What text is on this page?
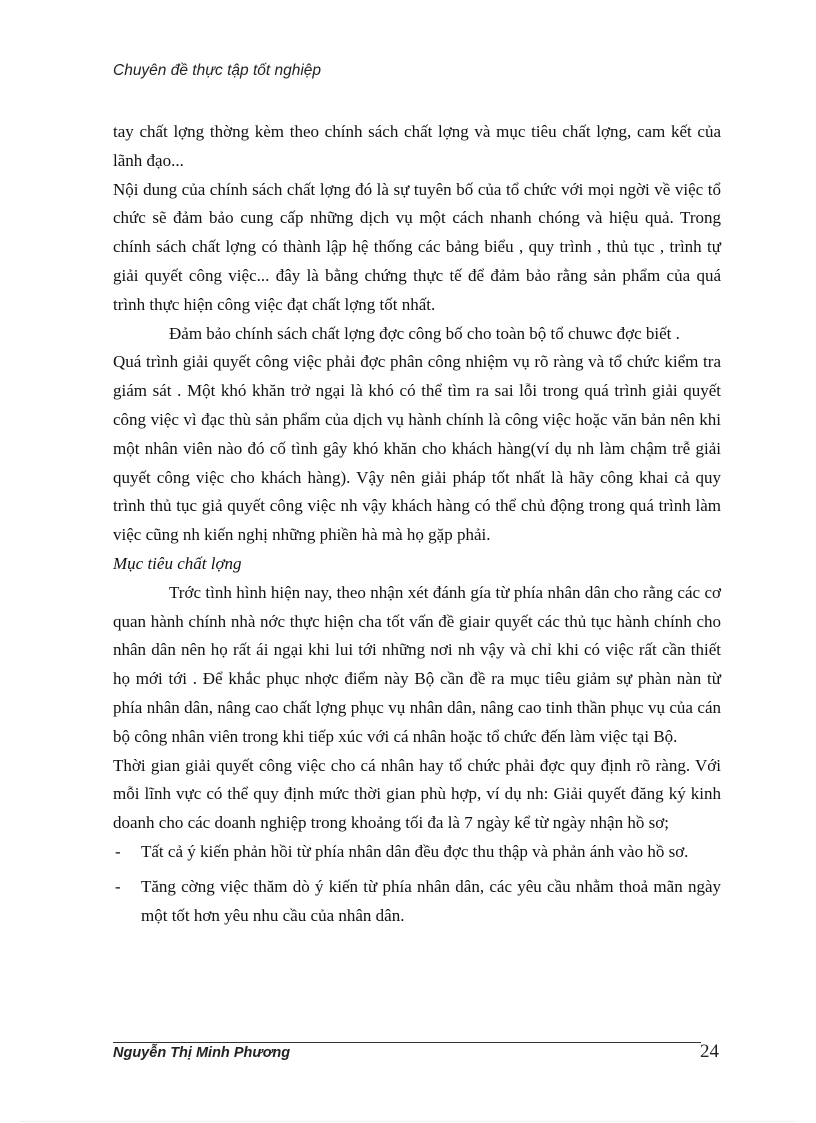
Chuyên đề thực tập tốt nghiệp

tay chất lợng thờng kèm theo chính sách chất lợng và mục tiêu chất lợng, cam kết của lãnh đạo...

Nội dung của chính sách chất lợng đó là sự tuyên bố của tổ chức với mọi ngời về việc tổ chức sẽ đảm bảo cung cấp những dịch vụ một cách nhanh chóng và hiệu quả. Trong chính sách chất lợng có thành lập hệ thống các bảng biểu , quy trình , thủ tục , trình tự giải quyết công việc... đây là bằng chứng thực tế để đảm bảo rằng sản phẩm của quá trình thực hiện công việc đạt chất lợng tốt nhất.

Đảm bảo chính sách chất lợng đợc công bố cho toàn bộ tổ chuwc đợc biết .

Quá trình giải quyết công việc phải đợc phân công nhiệm vụ rõ ràng và tổ chức kiểm tra giám sát . Một khó khăn trở ngại là khó có thể tìm ra sai lỗi trong quá trình giải quyết công việc vì đạc thù sản phẩm của dịch vụ hành chính là công việc hoặc văn bản nên khi một nhân viên nào đó cố tình gây khó khăn cho khách hàng(ví dụ nh làm chậm trễ giải quyết công việc cho khách hàng). Vậy nên giải pháp tốt nhất là hãy công khai cả quy trình thủ tục giả quyết công việc nh vậy khách hàng có thể chủ động trong quá trình làm việc cũng nh kiến nghị những phiền hà mà họ gặp phải.

Mục tiêu chất lợng

Trớc tình hình hiện nay, theo nhận xét đánh gía từ phía nhân dân cho rằng các cơ quan hành chính nhà nớc thực hiện cha tốt vấn đề giair quyết các thủ tục hành chính cho nhân dân nên họ rất ái ngại khi lui tới những nơi nh vậy và chỉ khi có việc rất cần thiết họ mới tới . Để khắc phục nhợc điểm này Bộ cần đề ra mục tiêu giảm sự phàn nàn từ phía nhân dân, nâng cao chất lợng phục vụ nhân dân, nâng cao tinh thần phục vụ của cán bộ công nhân viên trong khi tiếp xúc với cá nhân hoặc tổ chức đến làm việc tại Bộ.

Thời gian giải quyết công việc cho cá nhân hay tổ chức phải đợc quy định rõ ràng. Với mỗi lĩnh vực có thể quy định mức thời gian phù hợp, ví dụ nh: Giải quyết đăng ký kinh doanh cho các doanh nghiệp trong khoảng tối đa là 7 ngày kể từ ngày nhận hồ sơ;

- Tất cả ý kiến phản hồi từ phía nhân dân đều đợc thu thập và phản ánh vào hồ sơ.
- Tăng cờng việc thăm dò ý kiến từ phía nhân dân, các yêu cầu nhằm thoả mãn ngày một tốt hơn yêu nhu cầu của nhân dân.
Nguyễn Thị Minh Phương	24
